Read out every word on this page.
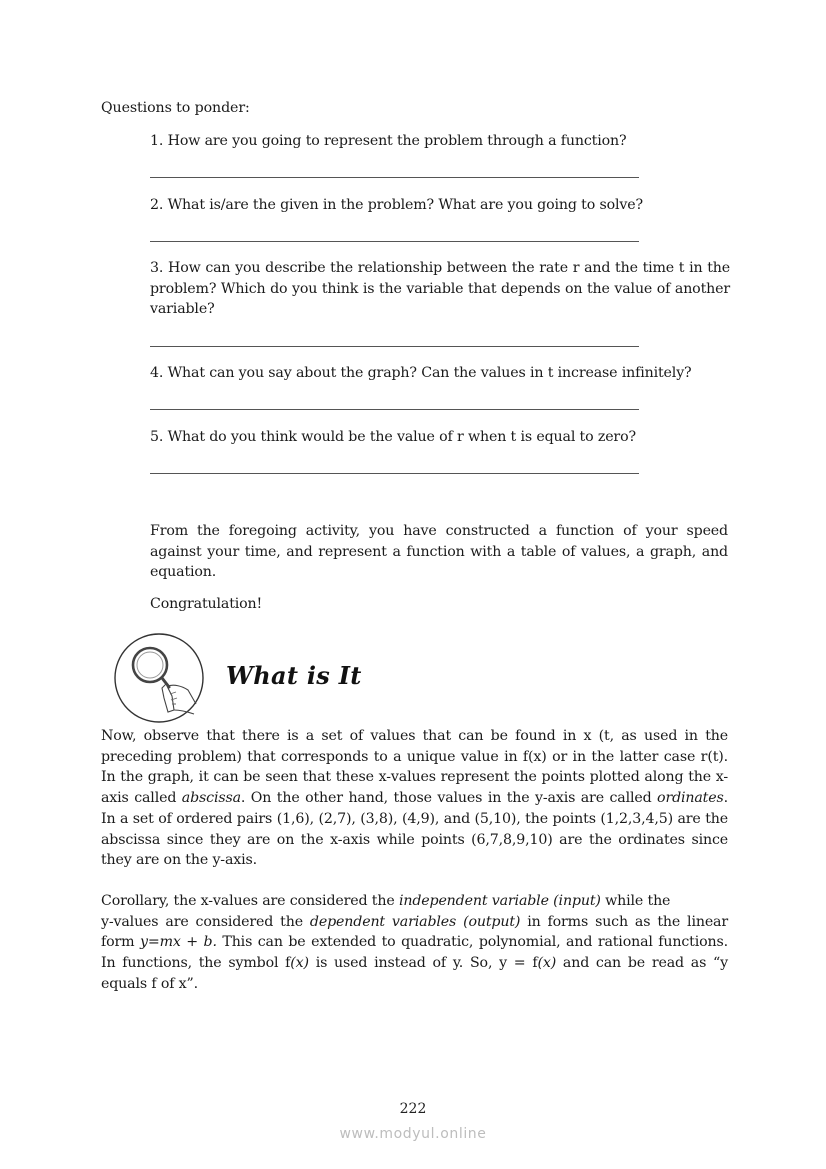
Questions to ponder:
1. How are you going to represent the problem through a function?
2. What is/are the given in the problem? What are you going to solve?
3. How can you describe the relationship between the rate r and the time t in the problem? Which do you think is the variable that depends on the value of another variable?
4. What can you say about the graph? Can the values in t increase infinitely?
5. What do you think would be the value of r when t is equal to zero?

From the foregoing activity, you have constructed a function of your speed against your time, and represent a function with a table of values, a graph, and equation.

Congratulation!

What is It

Now, observe that there is a set of values that can be found in x (t, as used in the preceding problem) that corresponds to a unique value in f(x) or in the latter case r(t). In the graph, it can be seen that these x-values represent the points plotted along the x-axis called abscissa. On the other hand, those values in the y-axis are called ordinates. In a set of ordered pairs (1,6), (2,7), (3,8), (4,9), and (5,10), the points (1,2,3,4,5) are the abscissa since they are on the x-axis while points (6,7,8,9,10) are the ordinates since they are on the y-axis.

Corollary, the x-values are considered the independent variable (input) while the

y-values are considered the dependent variables (output) in forms such as the linear form y=mx + b. This can be extended to quadratic, polynomial, and rational functions. In functions, the symbol f(x) is used instead of y. So, y = f(x) and can be read as “y equals f of x”.

222
www.modyul.online
